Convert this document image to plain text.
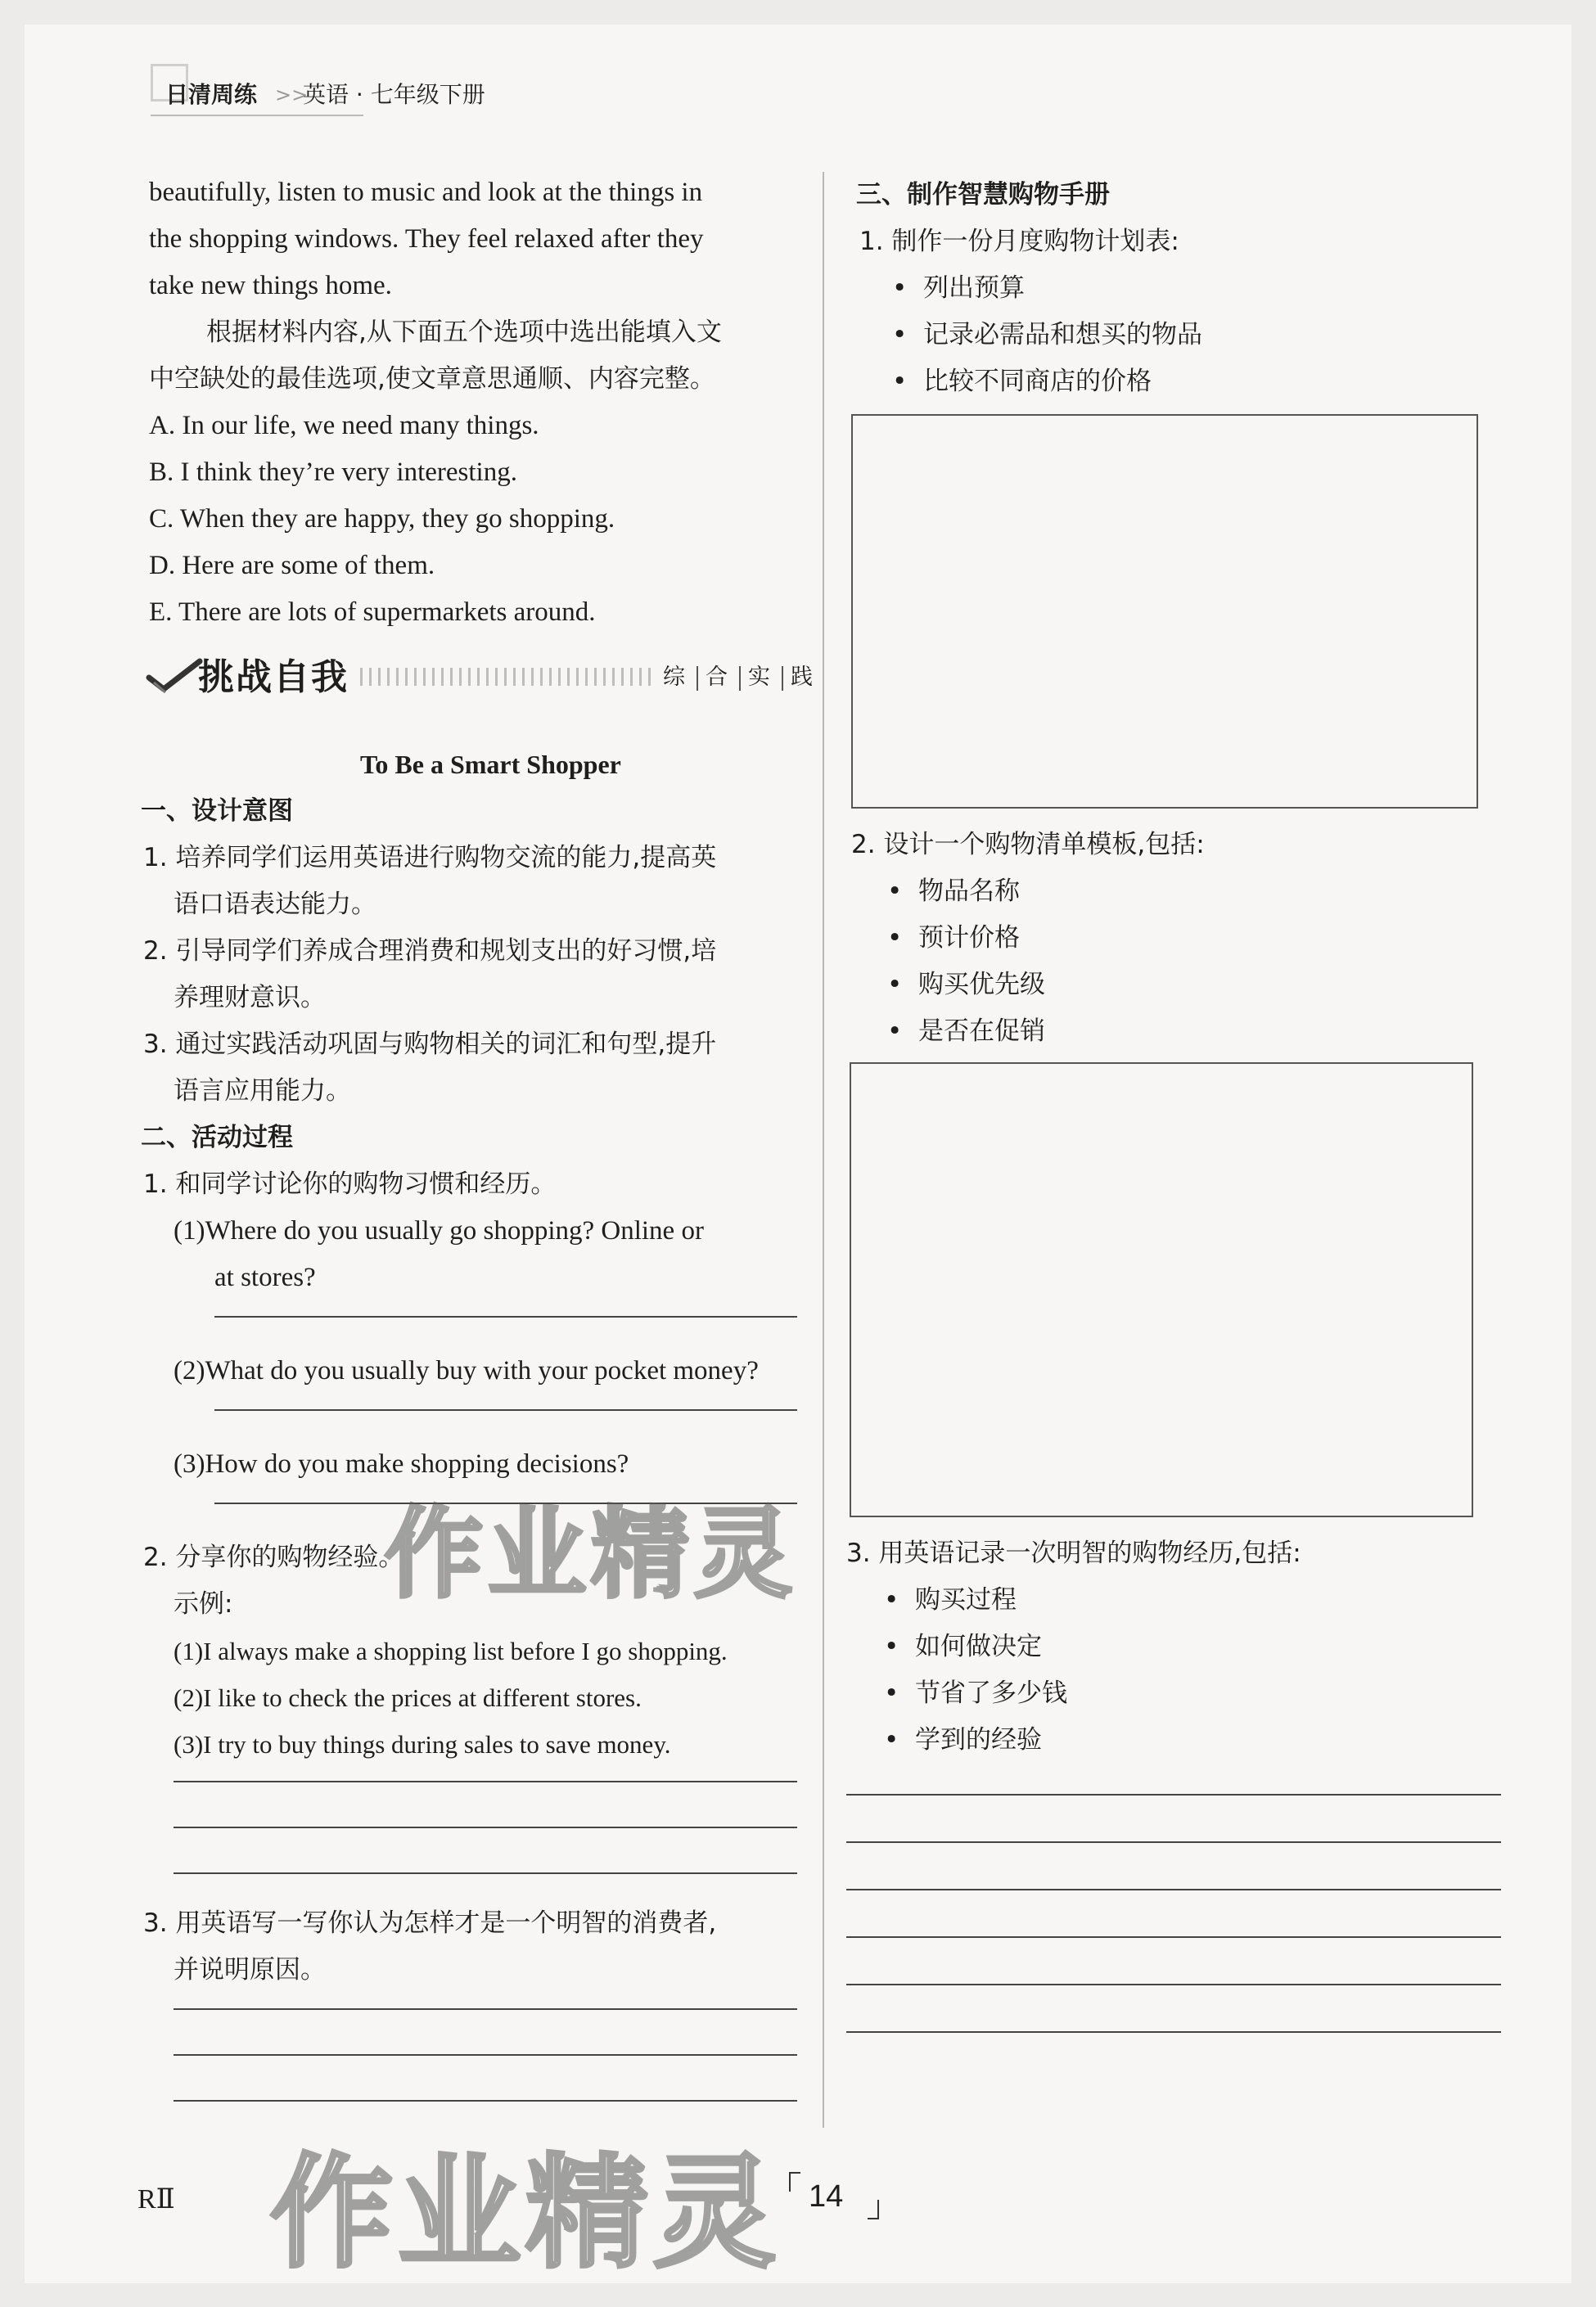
日清周练 >>
英语 · 七年级下册
beautifully, listen to music and look at the things in
the shopping windows. They feel relaxed after they
take new things home.
根据材料内容,从下面五个选项中选出能填入文
中空缺处的最佳选项,使文章意思通顺、内容完整。
A. In our life, we need many things.
B. I think they’re very interesting.
C. When they are happy, they go shopping.
D. Here are some of them.
E. There are lots of supermarkets around.
挑战自我	综 合 实 践
To Be a Smart Shopper
一、设计意图
1. 培养同学们运用英语进行购物交流的能力,提高英
语口语表达能力。
2. 引导同学们养成合理消费和规划支出的好习惯,培
养理财意识。
3. 通过实践活动巩固与购物相关的词汇和句型,提升
语言应用能力。
二、活动过程
1. 和同学讨论你的购物习惯和经历。
(1)Where do you usually go shopping? Online or
at stores?
(2)What do you usually buy with your pocket money?
(3)How do you make shopping decisions?
2. 分享你的购物经验。
示例:
(1)I always make a shopping list before I go shopping.
(2)I like to check the prices at different stores.
(3)I try to buy things during sales to save money.
3. 用英语写一写你认为怎样才是一个明智的消费者,
并说明原因。
三、制作智慧购物手册
1. 制作一份月度购物计划表:
•  列出预算
•  记录必需品和想买的物品
•  比较不同商店的价格
2. 设计一个购物清单模板,包括:
•  物品名称
•  预计价格
•  购买优先级
•  是否在促销
3. 用英语记录一次明智的购物经历,包括:
•  购买过程
•  如何做决定
•  节省了多少钱
•  学到的经验
作业精灵
作业精灵
RⅡ	14
